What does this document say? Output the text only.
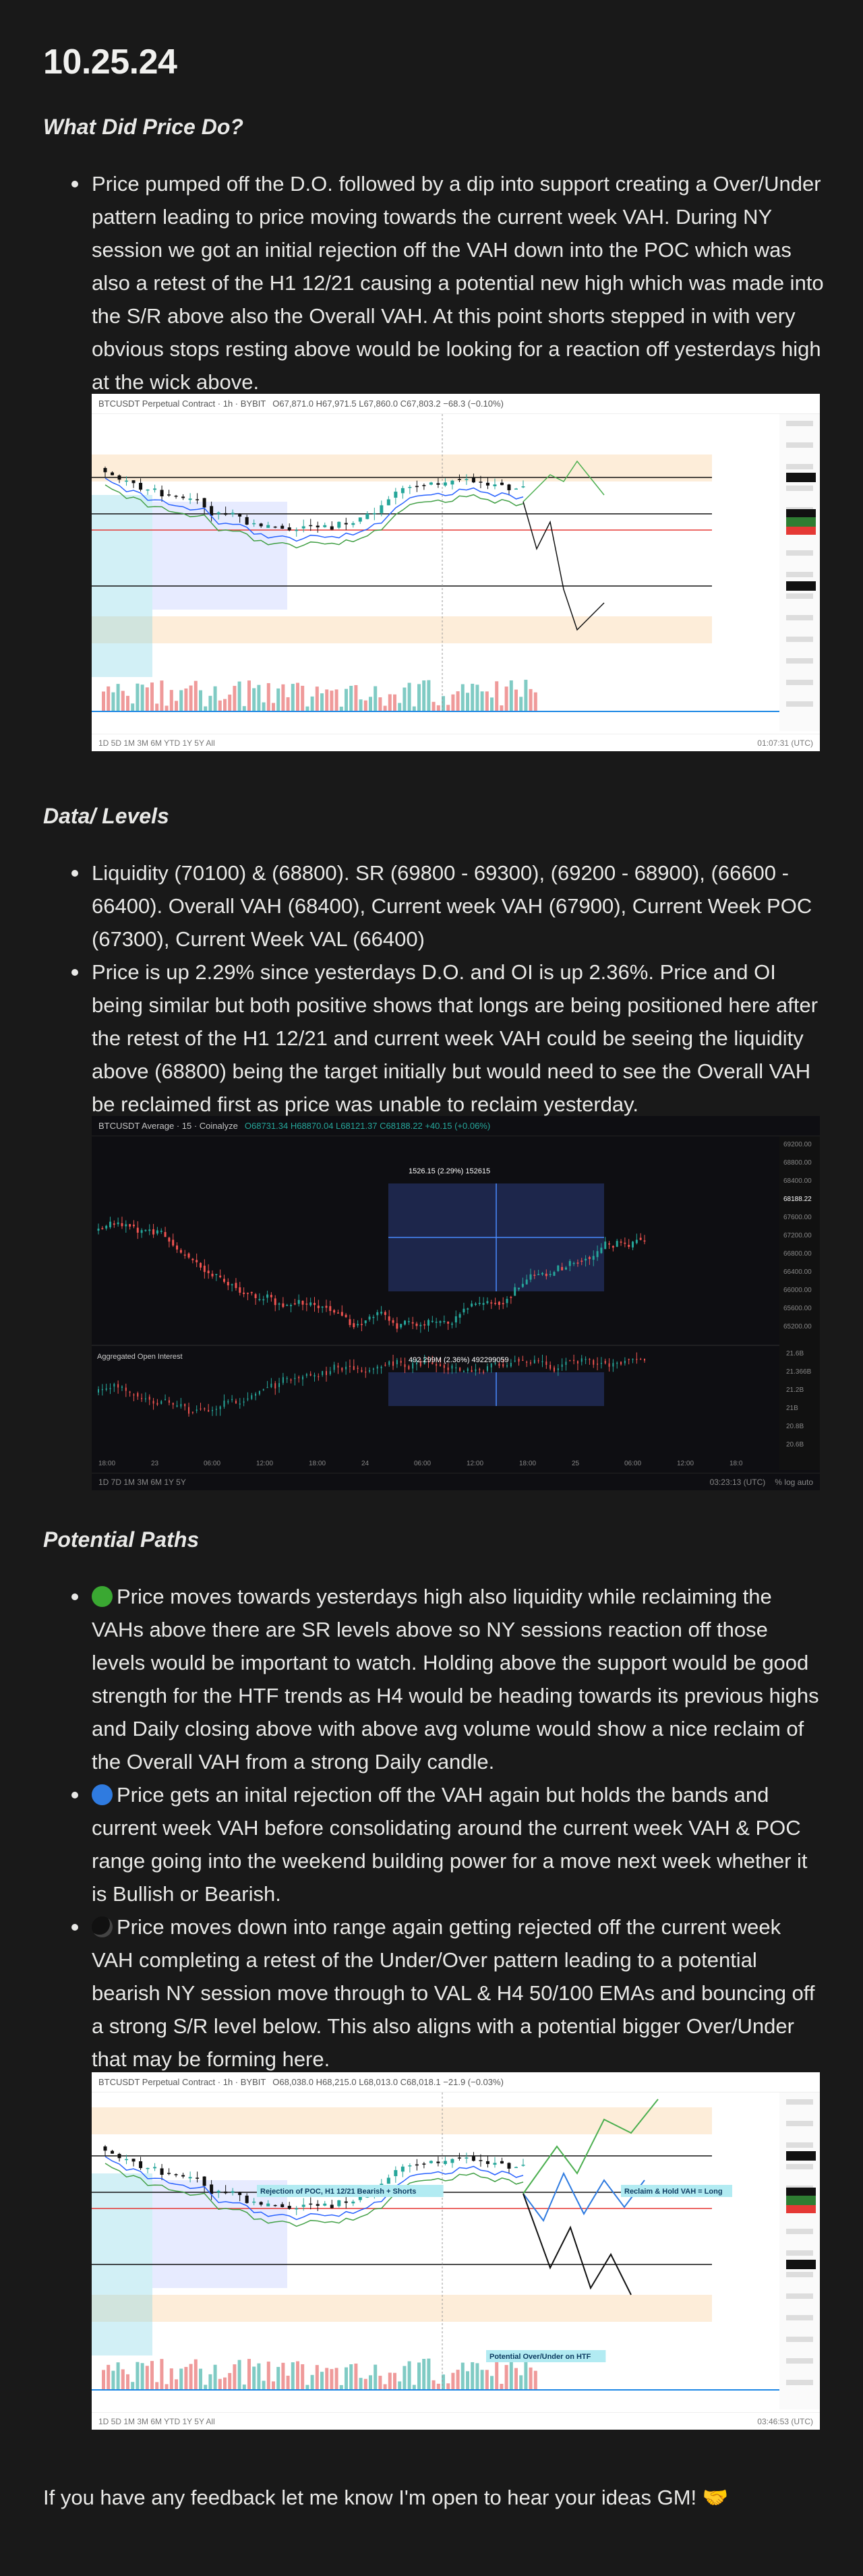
10.25.24
What Did Price Do?
Price pumped off the D.O. followed by a dip into support creating a Over/Under pattern leading to price moving towards the current week VAH. During NY session we got an initial rejection off the VAH down into the POC which was also a retest of the H1 12/21 causing a potential new high which was made into the S/R above also the Overall VAH. At this point shorts stepped in with very obvious stops resting above would be looking for a reaction off yesterdays high at the wick above.
BTCUSDT Perpetual Contract · 1h · BYBIT O67,871.0 H67,971.5 L67,860.0 C67,803.2 −68.3 (−0.10%)
1D 5D 1M 3M 6M YTD 1Y 5Y All	01:07:31 (UTC)
Data/ Levels
Liquidity (70100) & (68800). SR (69800 - 69300), (69200 - 68900), (66600 - 66400). Overall VAH (68400), Current week VAH (67900), Current Week POC (67300), Current Week VAL (66400)
Price is up 2.29% since yesterdays D.O. and OI is up 2.36%. Price and OI being similar but both positive shows that longs are being positioned here after the retest of the H1 12/21 and current week VAH could be seeing the liquidity above (68800) being the target initially but would need to see the Overall VAH be reclaimed first as price was unable to reclaim yesterday.
BTCUSDT Average · 15 · Coinalyze O68731.34 H68870.04 L68121.37 C68188.22 +40.15 (+0.06%)
1526.15 (2.29%) 152615
492.299M (2.36%) 492299059
Aggregated Open Interest
69200.00
68800.00
68400.00
68188.22
67600.00
67200.00
66800.00
66400.00
66000.00
65600.00
65200.00
21.6B
21.366B
21.2B
21B
20.8B
20.6B
18:00	23	06:00	12:00	18:00	24	06:00	12:00	18:00	25	06:00	12:00	18:0
1D 7D 1M 3M 6M 1Y 5Y	03:23:13 (UTC) % log auto
Potential Paths
Price moves towards yesterdays high also liquidity while reclaiming the VAHs above there are SR levels above so NY sessions reaction off those levels would be important to watch. Holding above the support would be good strength for the HTF trends as H4 would be heading towards its previous highs and Daily closing above with above avg volume would show a nice reclaim of the Overall VAH from a strong Daily candle.
Price gets an inital rejection off the VAH again but holds the bands and current week VAH before consolidating around the current week VAH & POC range going into the weekend building power for a move next week whether it is Bullish or Bearish.
Price moves down into range again getting rejected off the current week VAH completing a retest of the Under/Over pattern leading to a potential bearish NY session move through to VAL & H4 50/100 EMAs and bouncing off a strong S/R level below. This also aligns with a potential bigger Over/Under that may be forming here.
BTCUSDT Perpetual Contract · 1h · BYBIT O68,038.0 H68,215.0 L68,013.0 C68,018.1 −21.9 (−0.03%)
Rejection of POC, H1 12/21 Bearish + Shorts	Reclaim & Hold VAH = Long
Potential Over/Under on HTF
1D 5D 1M 3M 6M YTD 1Y 5Y All	03:46:53 (UTC)
If you have any feedback let me know I'm open to hear your ideas GM! 🤝
